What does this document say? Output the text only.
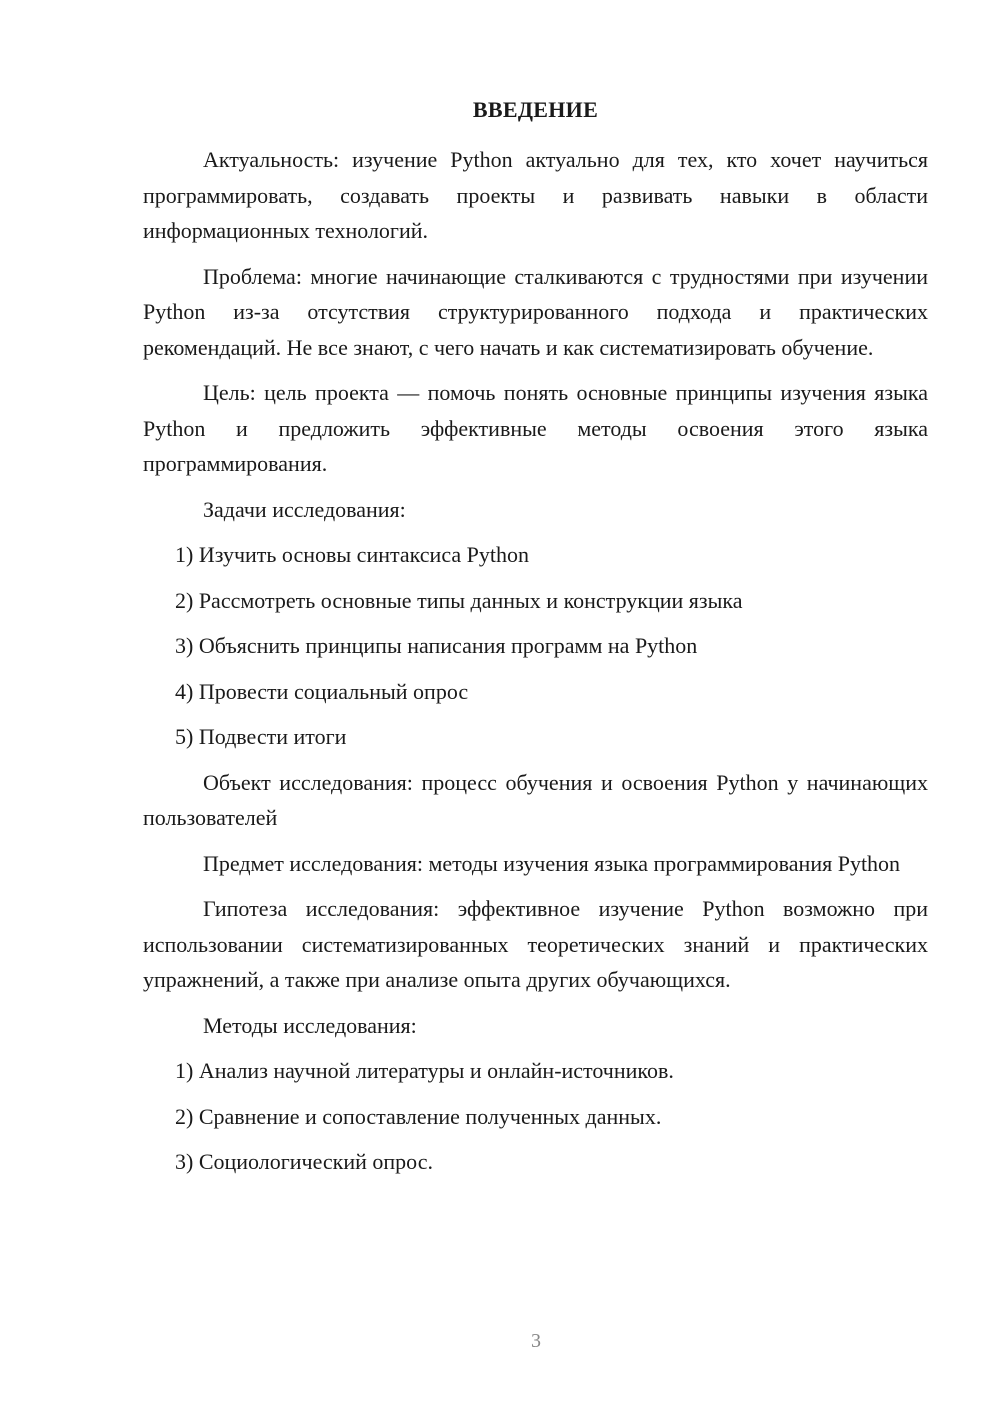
ВВЕДЕНИЕ

Актуальность: изучение Python актуально для тех, кто хочет научиться программировать, создавать проекты и развивать навыки в области информационных технологий.

Проблема: многие начинающие сталкиваются с трудностями при изучении Python из-за отсутствия структурированного подхода и практических рекомендаций. Не все знают, с чего начать и как систематизировать обучение.

Цель: цель проекта — помочь понять основные принципы изучения языка Python и предложить эффективные методы освоения этого языка программирования.

Задачи исследования:

1) Изучить основы синтаксиса Python

2) Рассмотреть основные типы данных и конструкции языка

3) Объяснить принципы написания программ на Python

4) Провести социальный опрос

5) Подвести итоги

Объект исследования: процесс обучения и освоения Python у начинающих пользователей

Предмет исследования: методы изучения языка программирования Python

Гипотеза исследования: эффективное изучение Python возможно при использовании систематизированных теоретических знаний и практических упражнений, а также при анализе опыта других обучающихся.

Методы исследования:

1) Анализ научной литературы и онлайн-источников.

2) Сравнение и сопоставление полученных данных.

3) Социологический опрос.

3
